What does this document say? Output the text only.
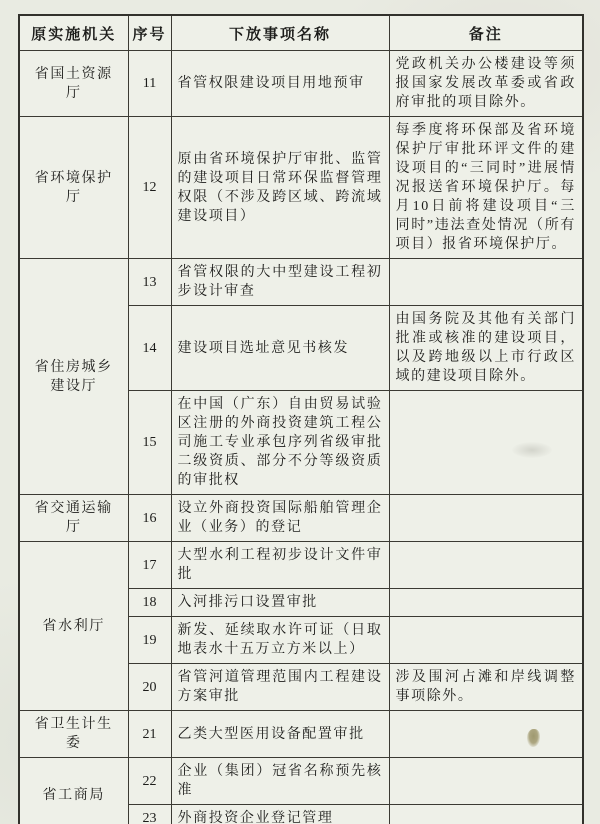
原实施机关	序号	下放事项名称	备注
省国土资源厅	11	省管权限建设项目用地预审	党政机关办公楼建设等须报国家发展改革委或省政府审批的项目除外。
省环境保护厅	12	原由省环境保护厅审批、监管的建设项目日常环保监督管理权限（不涉及跨区域、跨流域建设项目）	每季度将环保部及省环境保护厅审批环评文件的建设项目的“三同时”进展情况报送省环境保护厅。每月10日前将建设项目“三同时”违法查处情况（所有项目）报省环境保护厅。
省住房城乡建设厅	13	省管权限的大中型建设工程初步设计审查	
	14	建设项目选址意见书核发	由国务院及其他有关部门批准或核准的建设项目，以及跨地级以上市行政区域的建设项目除外。
	15	在中国（广东）自由贸易试验区注册的外商投资建筑工程公司施工专业承包序列省级审批二级资质、部分不分等级资质的审批权	
省交通运输厅	16	设立外商投资国际船舶管理企业（业务）的登记	
省水利厅	17	大型水利工程初步设计文件审批	
	18	入河排污口设置审批	
	19	新发、延续取水许可证（日取地表水十五万立方米以上）	
	20	省管河道管理范围内工程建设方案审批	涉及围河占滩和岸线调整事项除外。
省卫生计生委	21	乙类大型医用设备配置审批	
省工商局	22	企业（集团）冠省名称预先核准	
	23	外商投资企业登记管理	
